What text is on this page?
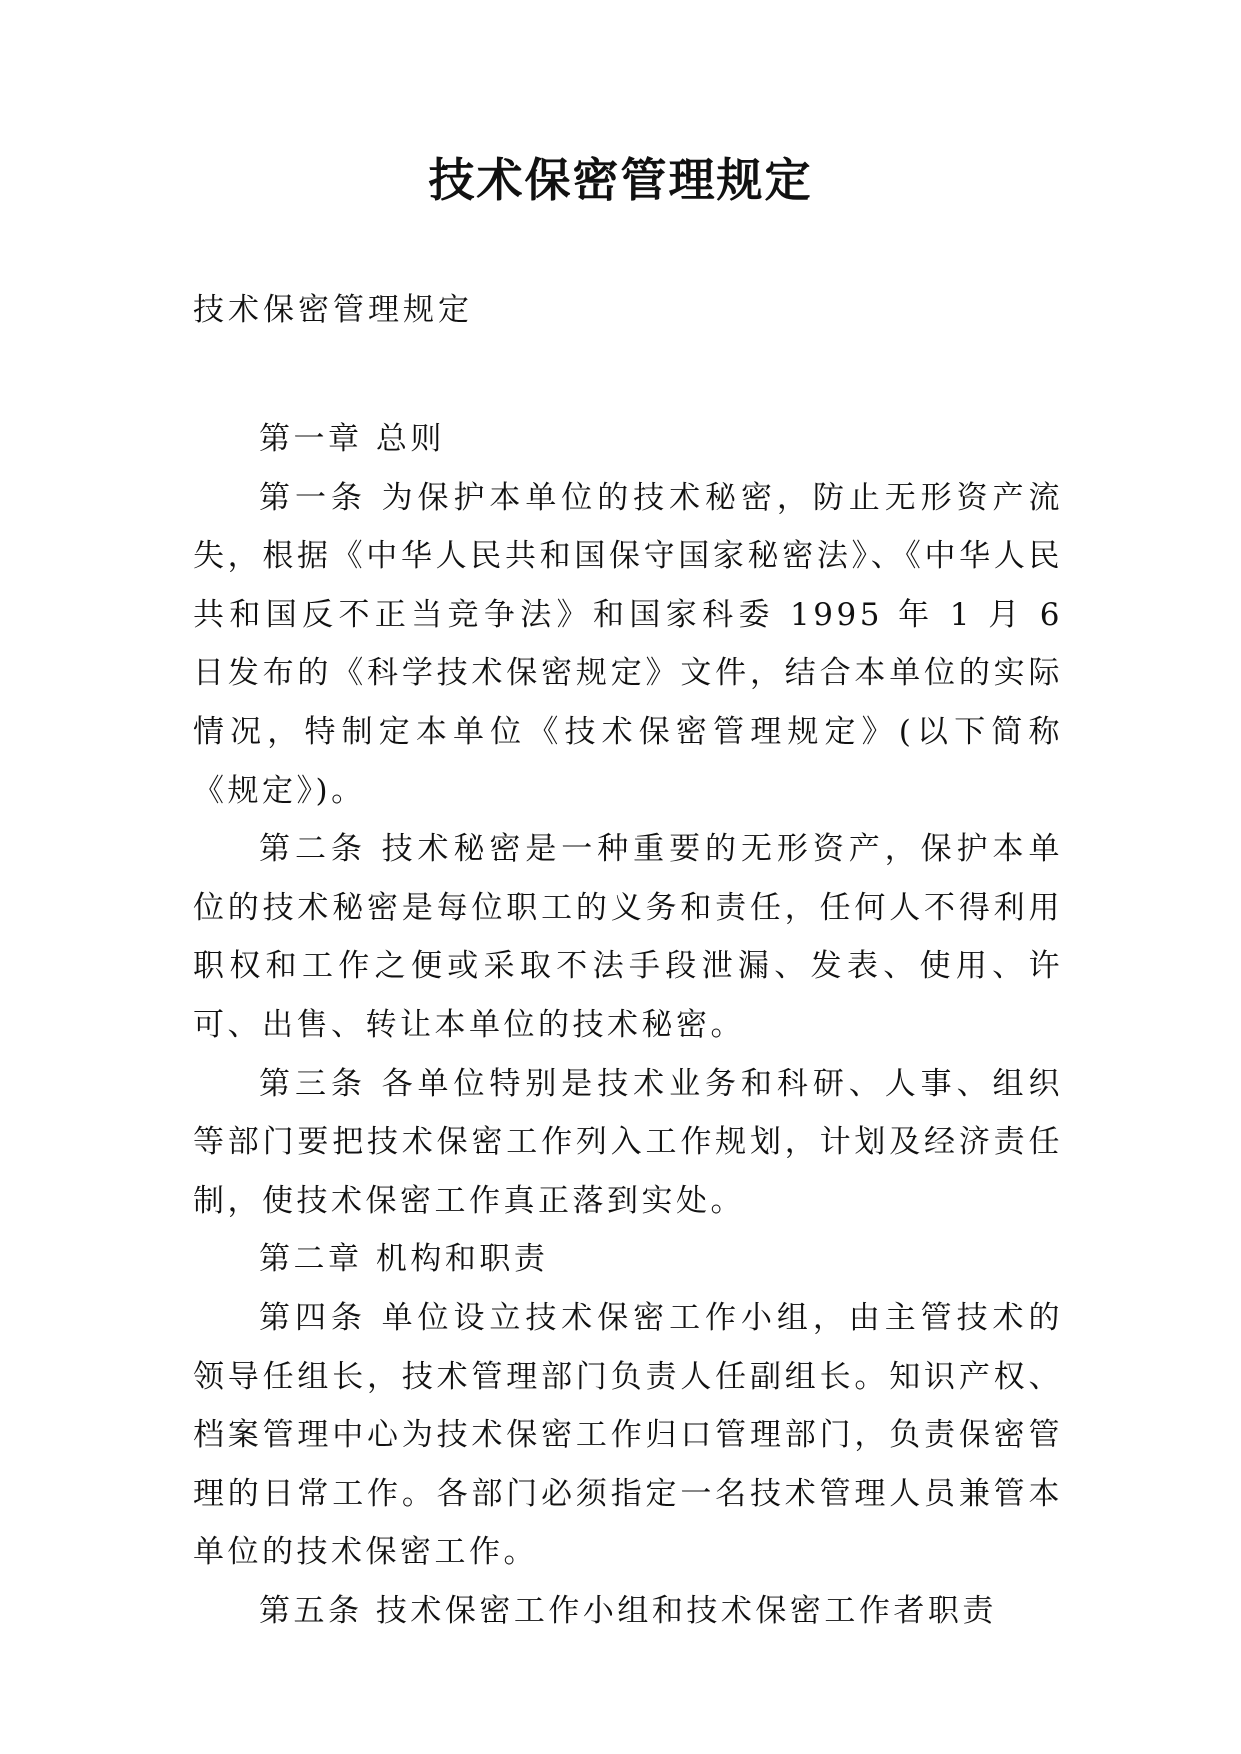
技术保密管理规定
技术保密管理规定

第一章 总则

第一条 为保护本单位的技术秘密，防止无形资产流失，根据《中华人民共和国保守国家秘密法》、《中华人民共和国反不正当竞争法》和国家科委 1995 年 1 月 6 日发布的《科学技术保密规定》文件，结合本单位的实际情况，特制定本单位《技术保密管理规定》(以下简称《规定》)。

第二条 技术秘密是一种重要的无形资产，保护本单位的技术秘密是每位职工的义务和责任，任何人不得利用职权和工作之便或采取不法手段泄漏、发表、使用、许可、出售、转让本单位的技术秘密。

第三条 各单位特别是技术业务和科研、人事、组织等部门要把技术保密工作列入工作规划，计划及经济责任制，使技术保密工作真正落到实处。

第二章 机构和职责

第四条 单位设立技术保密工作小组，由主管技术的领导任组长，技术管理部门负责人任副组长。知识产权、档案管理中心为技术保密工作归口管理部门，负责保密管理的日常工作。各部门必须指定一名技术管理人员兼管本单位的技术保密工作。

第五条 技术保密工作小组和技术保密工作者职责
